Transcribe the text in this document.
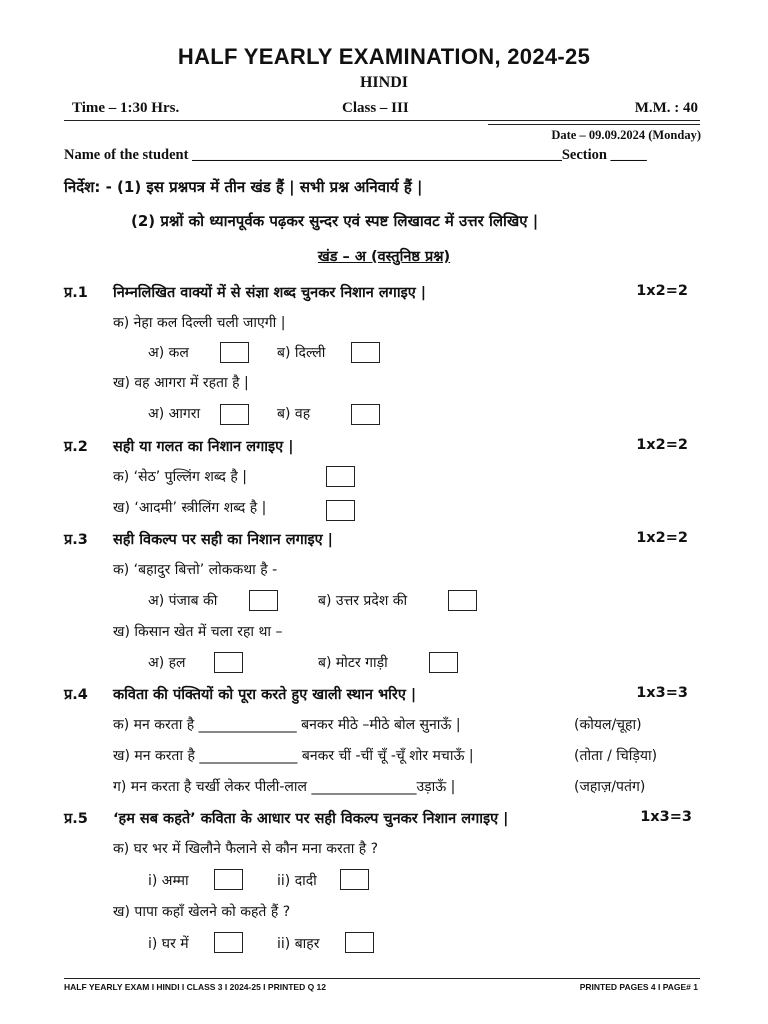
HALF YEARLY EXAMINATION, 2024-25
HINDI
Time – 1:30 Hrs.	Class – III	M.M. : 40
Date – 09.09.2024 (Monday)
Name of the student ___________________________________________________Section _____
निर्देश: - (1) इस प्रश्नपत्र में तीन खंड हैं | सभी प्रश्न अनिवार्य हैं |
(2) प्रश्नों को ध्यानपूर्वक पढ़कर सुन्दर एवं स्पष्ट लिखावट में उत्तर लिखिए |
खंड – अ (वस्तुनिष्ठ प्रश्न)
प्र.1 निम्नलिखित वाक्यों में से संज्ञा शब्द चुनकर निशान लगाइए |	1x2=2
क) नेहा कल दिल्ली चली जाएगी |
अ) कल	ब) दिल्ली
ख) वह आगरा में रहता है |
अ) आगरा	ब) वह
प्र.2 सही या गलत का निशान लगाइए |	1x2=2
क) ‘सेठ’ पुल्लिंग शब्द है |
ख) ‘आदमी’ स्त्रीलिंग शब्द है |
प्र.3 सही विकल्प पर सही का निशान लगाइए |	1x2=2
क) ‘बहादुर बित्तो’ लोककथा है -
अ) पंजाब की	ब) उत्तर प्रदेश की
ख) किसान खेत में चला रहा था –
अ) हल	ब) मोटर गाड़ी
प्र.4 कविता की पंक्तियों को पूरा करते हुए खाली स्थान भरिए |	1x3=3
क) मन करता है ______________ बनकर मीठे –मीठे बोल सुनाऊँ |	(कोयल/चूहा)
ख) मन करता है ______________ बनकर चीं -चीं चूँ -चूँ शोर मचाऊँ |	(तोता / चिड़िया)
ग) मन करता है चर्खी लेकर पीली-लाल _______________उड़ाऊँ |	(जहाज़/पतंग)
प्र.5 ‘हम सब कहते’ कविता के आधार पर सही विकल्प चुनकर निशान लगाइए |	1x3=3
क) घर भर में खिलौने फैलाने से कौन मना करता है ?
i) अम्मा	ii) दादी
ख) पापा कहाँ खेलने को कहते हैं ?
i) घर में	ii) बाहर
HALF YEARLY EXAM I HINDI I CLASS 3 I 2024-25 I PRINTED Q 12	PRINTED PAGES 4 I PAGE# 1
